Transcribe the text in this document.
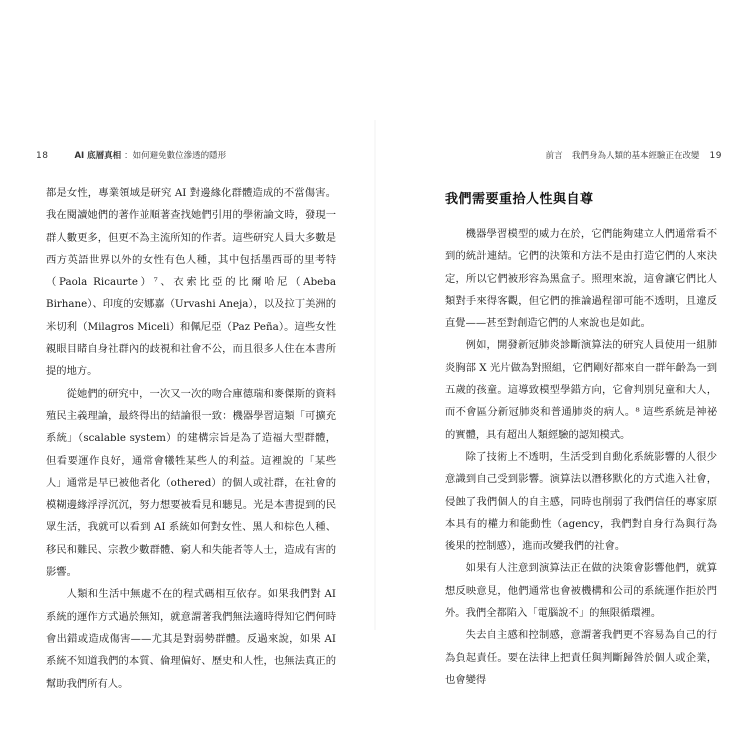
18	AI 底層真相 ： 如何避免數位滲透的隱形

都是女性，專業領域是研究 AI 對邊緣化群體造成的不當傷害。我在閱讀她們的著作並順著查找她們引用的學術論文時，發現一群人數更多，但更不為主流所知的作者。這些研究人員大多數是西方英語世界以外的女性有色人種，其中包括墨西哥的里考特（Paola Ricaurte）⁷、衣索比亞的比爾哈尼（Abeba Birhane）、印度的安娜嘉（Urvashi Aneja），以及拉丁美洲的米切利（Milagros Miceli）和佩尼亞（Paz Peña）。這些女性親眼目睹自身社群內的歧視和社會不公，而且很多人住在本書所提的地方。

從她們的研究中，一次又一次的吻合庫德瑞和麥傑斯的資料殖民主義理論，最終得出的結論很一致：機器學習這類「可擴充系統」（scalable system）的建構宗旨是為了造福大型群體，但看要運作良好，通常會犧牲某些人的利益。這裡說的「某些人」通常是早已被他者化（othered）的個人或社群，在社會的模糊邊緣浮浮沉沉，努力想要被看見和聽見。光是本書提到的民眾生活，我就可以看到 AI 系統如何對女性、黑人和棕色人種、移民和難民、宗教少數群體、窮人和失能者等人士，造成有害的影響。

人類和生活中無處不在的程式碼相互依存。如果我們對 AI 系統的運作方式過於無知，就意謂著我們無法適時得知它們何時會出錯或造成傷害——尤其是對弱勢群體。反過來說，如果 AI 系統不知道我們的本質、倫理偏好、歷史和人性，也無法真正的幫助我們所有人。

前言
我們身為人類的基本經驗正在改變 19
我們需要重拾人性與自尊

機器學習模型的威力在於，它們能夠建立人們通常看不到的統計連結。它們的決策和方法不是由打造它們的人來決定，所以它們被形容為黑盒子。照理來說，這會讓它們比人類對手來得客觀，但它們的推論過程卻可能不透明，且違反直覺——甚至對創造它們的人來說也是如此。

例如，開發新冠肺炎診斷演算法的研究人員使用一組肺炎胸部 X 光片做為對照組，它們剛好都來自一群年齡為一到五歲的孩童。這導致模型學錯方向，它會判別兒童和大人，而不會區分新冠肺炎和普通肺炎的病人。⁸ 這些系統是神祕的實體，具有超出人類經驗的認知模式。

除了技術上不透明，生活受到自動化系統影響的人很少意識到自己受到影響。演算法以潛移默化的方式進入社會，侵蝕了我們個人的自主感，同時也削弱了我們信任的專家原本具有的權力和能動性（agency，我們對自身行為與行為後果的控制感），進而改變我們的社會。

如果有人注意到演算法正在做的決策會影響他們，就算想反映意見，他們通常也會被機構和公司的系統運作拒於門外。我們全都陷入「電腦說不」的無限循環裡。

失去自主感和控制感，意謂著我們更不容易為自己的行為負起責任。要在法律上把責任與判斷歸咎於個人或企業，也會變得
